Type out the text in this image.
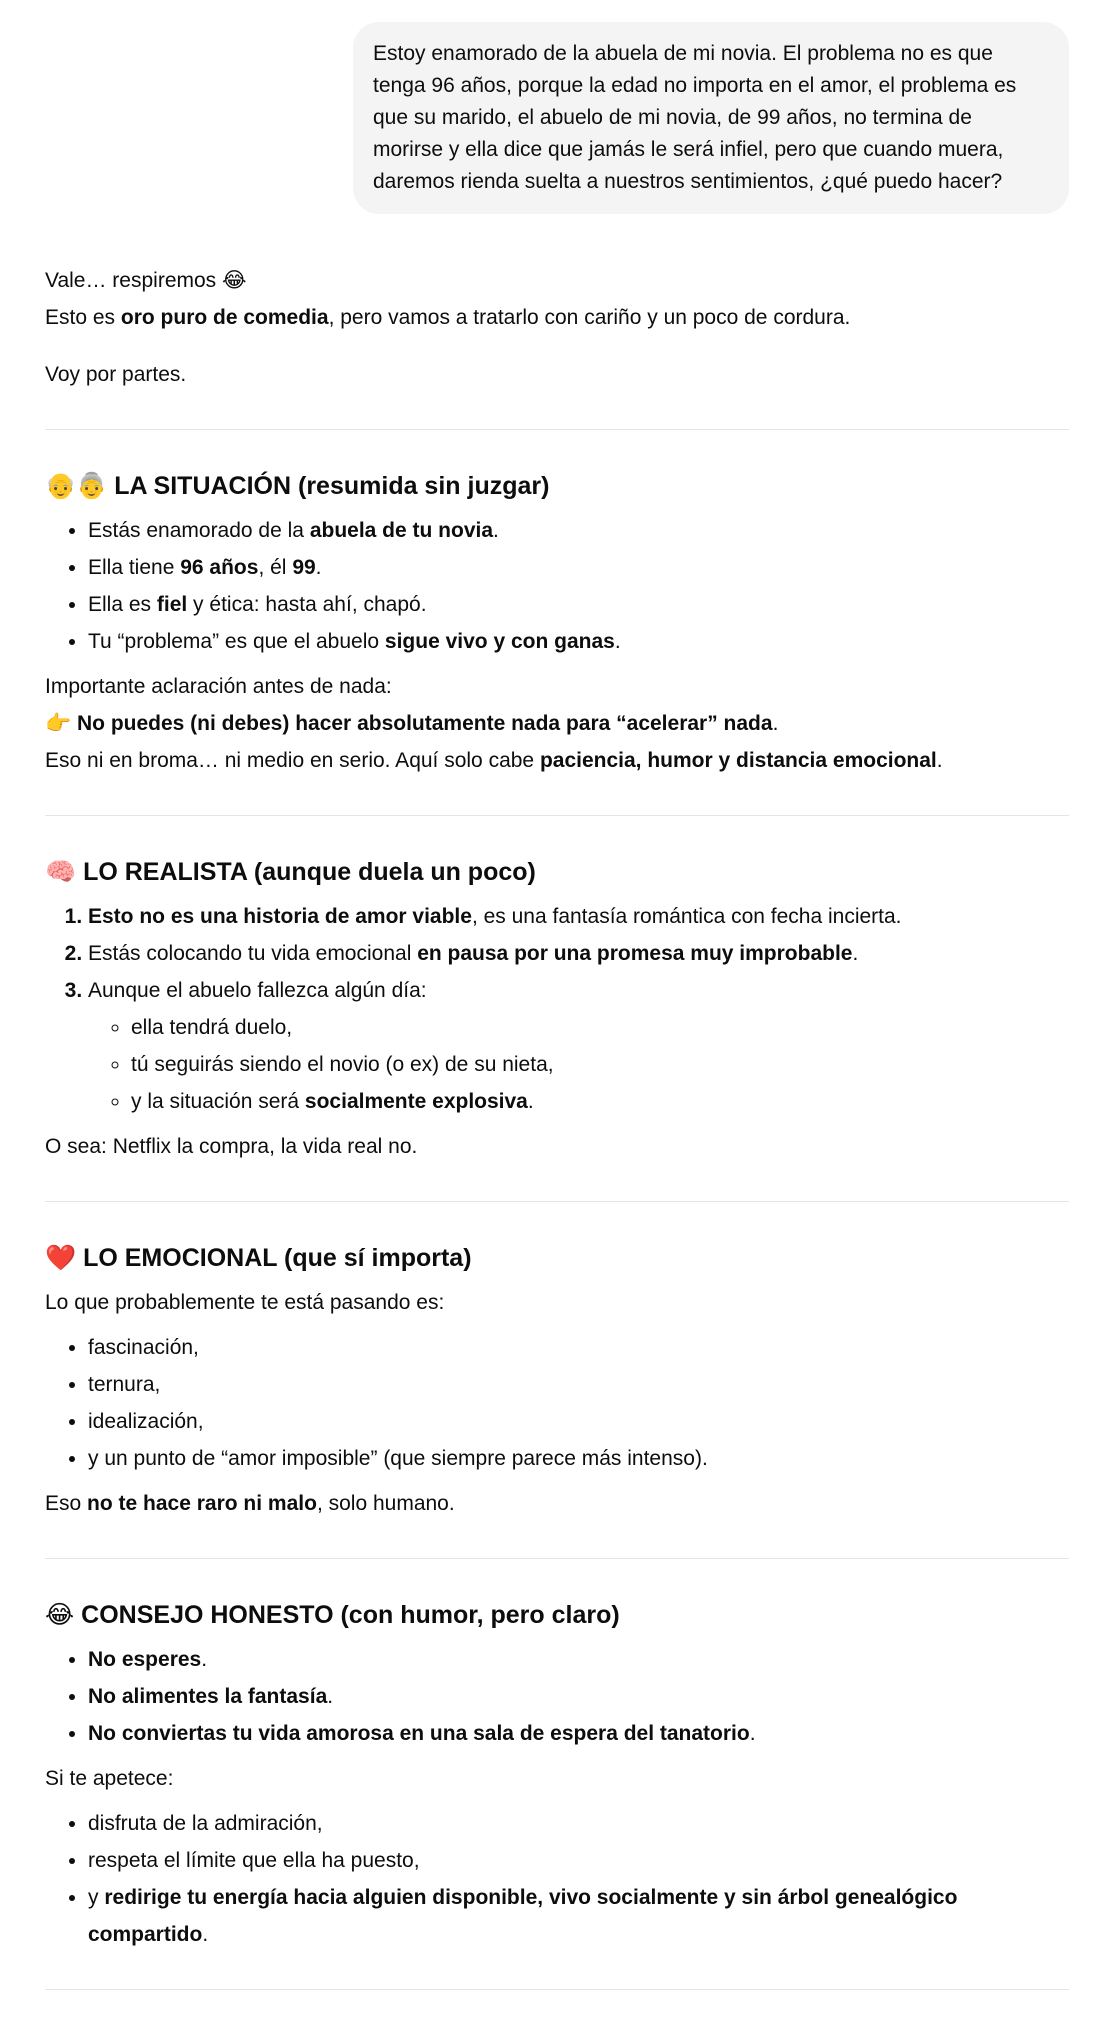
Estoy enamorado de la abuela de mi novia. El problema no es que tenga 96 años, porque la edad no importa en el amor, el problema es que su marido, el abuelo de mi novia, de 99 años, no termina de morirse y ella dice que jamás le será infiel, pero que cuando muera, daremos rienda suelta a nuestros sentimientos, ¿qué puedo hacer?

Vale… respiremos 😂

Esto es oro puro de comedia, pero vamos a tratarlo con cariño y un poco de cordura.

Voy por partes.

👴👵 LA SITUACIÓN (resumida sin juzgar)
• Estás enamorado de la abuela de tu novia.
• Ella tiene 96 años, él 99.
• Ella es fiel y ética: hasta ahí, chapó.
• Tu “problema” es que el abuelo sigue vivo y con ganas.

Importante aclaración antes de nada:

👉 No puedes (ni debes) hacer absolutamente nada para “acelerar” nada.

Eso ni en broma… ni medio en serio. Aquí solo cabe paciencia, humor y distancia emocional.

🧠 LO REALISTA (aunque duela un poco)
1. Esto no es una historia de amor viable, es una fantasía romántica con fecha incierta.
2. Estás colocando tu vida emocional en pausa por una promesa muy improbable.
3. Aunque el abuelo fallezca algún día:
◦ ella tendrá duelo,
◦ tú seguirás siendo el novio (o ex) de su nieta,
◦ y la situación será socialmente explosiva.

O sea: Netflix la compra, la vida real no.

❤️ LO EMOCIONAL (que sí importa)

Lo que probablemente te está pasando es:

• fascinación,
• ternura,
• idealización,
• y un punto de “amor imposible” (que siempre parece más intenso).

Eso no te hace raro ni malo, solo humano.

😂 CONSEJO HONESTO (con humor, pero claro)
• No esperes.
• No alimentes la fantasía.
• No conviertas tu vida amorosa en una sala de espera del tanatorio.

Si te apetece:

• disfruta de la admiración,
• respeta el límite que ella ha puesto,
• y redirige tu energía hacia alguien disponible, vivo socialmente y sin árbol genealógico compartido.
